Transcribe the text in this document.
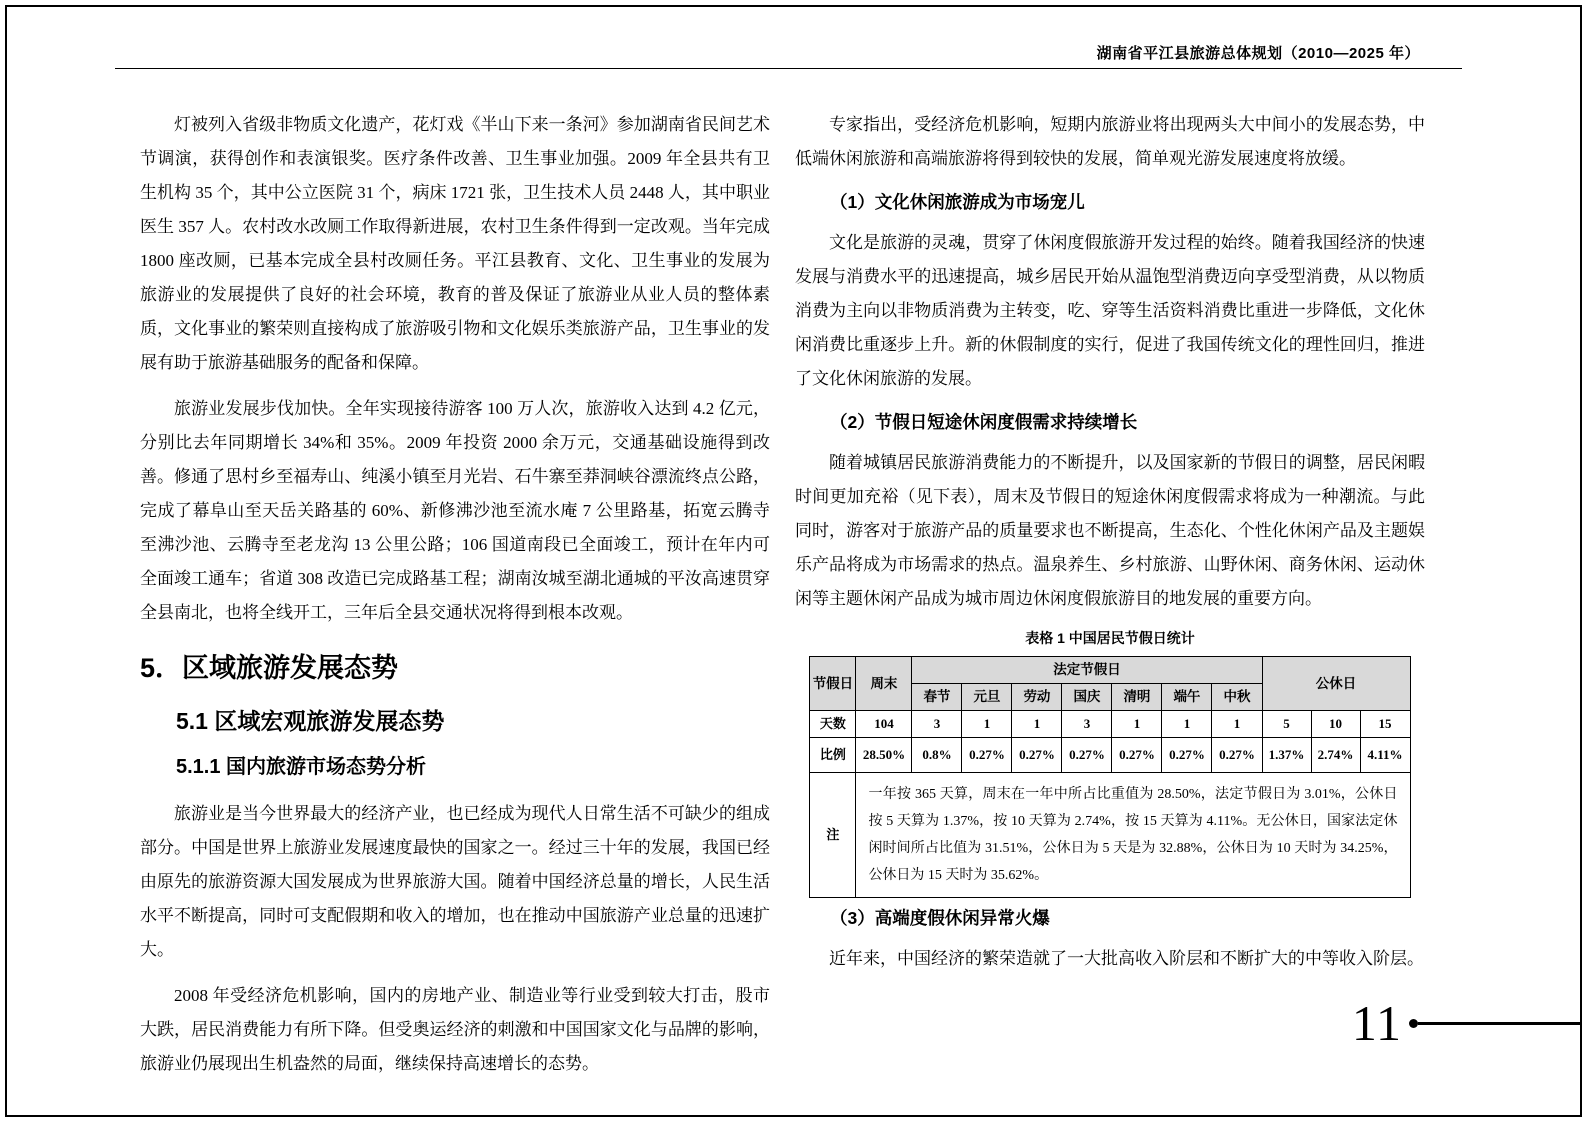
湖南省平江县旅游总体规划（2010—2025 年）

灯被列入省级非物质文化遗产，花灯戏《半山下来一条河》参加湖南省民间艺术节调演，获得创作和表演银奖。医疗条件改善、卫生事业加强。2009 年全县共有卫生机构 35 个，其中公立医院 31 个，病床 1721 张，卫生技术人员 2448 人，其中职业医生 357 人。农村改水改厕工作取得新进展，农村卫生条件得到一定改观。当年完成 1800 座改厕，已基本完成全县村改厕任务。平江县教育、文化、卫生事业的发展为旅游业的发展提供了良好的社会环境，教育的普及保证了旅游业从业人员的整体素质，文化事业的繁荣则直接构成了旅游吸引物和文化娱乐类旅游产品，卫生事业的发展有助于旅游基础服务的配备和保障。

旅游业发展步伐加快。全年实现接待游客 100 万人次，旅游收入达到 4.2 亿元，分别比去年同期增长 34%和 35%。2009 年投资 2000 余万元，交通基础设施得到改善。修通了思村乡至福寿山、纯溪小镇至月光岩、石牛寨至莽洞峡谷漂流终点公路，完成了幕阜山至天岳关路基的 60%、新修沸沙池至流水庵 7 公里路基，拓宽云腾寺至沸沙池、云腾寺至老龙沟 13 公里公路；106 国道南段已全面竣工，预计在年内可全面竣工通车；省道 308 改造已完成路基工程；湖南汝城至湖北通城的平汝高速贯穿全县南北，也将全线开工，三年后全县交通状况将得到根本改观。

5．区域旅游发展态势
5.1 区域宏观旅游发展态势
5.1.1 国内旅游市场态势分析

旅游业是当今世界最大的经济产业，也已经成为现代人日常生活不可缺少的组成部分。中国是世界上旅游业发展速度最快的国家之一。经过三十年的发展，我国已经由原先的旅游资源大国发展成为世界旅游大国。随着中国经济总量的增长，人民生活水平不断提高，同时可支配假期和收入的增加，也在推动中国旅游产业总量的迅速扩大。

2008 年受经济危机影响，国内的房地产业、制造业等行业受到较大打击，股市大跌，居民消费能力有所下降。但受奥运经济的刺激和中国国家文化与品牌的影响，旅游业仍展现出生机盎然的局面，继续保持高速增长的态势。

专家指出，受经济危机影响，短期内旅游业将出现两头大中间小的发展态势，中低端休闲旅游和高端旅游将得到较快的发展，简单观光游发展速度将放缓。

（1）文化休闲旅游成为市场宠儿

文化是旅游的灵魂，贯穿了休闲度假旅游开发过程的始终。随着我国经济的快速发展与消费水平的迅速提高，城乡居民开始从温饱型消费迈向享受型消费，从以物质消费为主向以非物质消费为主转变，吃、穿等生活资料消费比重进一步降低，文化休闲消费比重逐步上升。新的休假制度的实行，促进了我国传统文化的理性回归，推进了文化休闲旅游的发展。

（2）节假日短途休闲度假需求持续增长

随着城镇居民旅游消费能力的不断提升，以及国家新的节假日的调整，居民闲暇时间更加充裕（见下表），周末及节假日的短途休闲度假需求将成为一种潮流。与此同时，游客对于旅游产品的质量要求也不断提高，生态化、个性化休闲产品及主题娱乐产品将成为市场需求的热点。温泉养生、乡村旅游、山野休闲、商务休闲、运动休闲等主题休闲产品成为城市周边休闲度假旅游目的地发展的重要方向。

表格 1 中国居民节假日统计
节假日	周末	法定节假日							公休日		
		春节	元旦	劳动	国庆	清明	端午	中秋			
天数	104	3	1	1	3	1	1	1	5	10	15
比例	28.50%	0.8%	0.27%	0.27%	0.27%	0.27%	0.27%	0.27%	1.37%	2.74%	4.11%
注	一年按 365 天算，周末在一年中所占比重值为 28.50%，法定节假日为 3.01%，公休日按 5 天算为 1.37%，按 10 天算为 2.74%，按 15 天算为 4.11%。无公休日，国家法定休闲时间所占比值为 31.51%，公休日为 5 天是为 32.88%，公休日为 10 天时为 34.25%，公休日为 15 天时为 35.62%。										
（3）高端度假休闲异常火爆

近年来，中国经济的繁荣造就了一大批高收入阶层和不断扩大的中等收入阶层。

11
